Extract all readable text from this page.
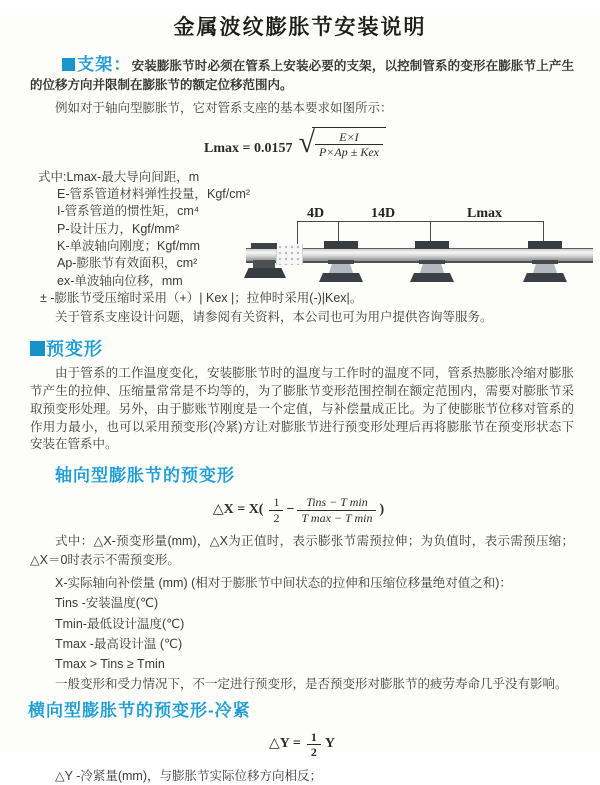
金属波纹膨胀节安装说明

支架：安装膨胀节时必须在管系上安装必要的支架，以控制管系的变形在膨胀节上产生的位移方向并限制在膨胀节的额定位移范围内。

例如对于轴向型膨胀节，它对管系支座的基本要求如图所示：

Lmax = 0.0157 √ $\frac{E\times I}{\text{P×Ap ± Kex}}$
式中:Lmax-最大导向间距，m
E-管系管道材料弹性投量，Kgf/cm²
I-管系管道的惯性矩，cm⁴
P-设计压力，Kgf/mm²
K-单波轴向刚度；Kgf/mm
Ap-膨胀节有效面积，cm²
ex-单波轴向位移，mm
± -膨胀节受压缩时采用（+）| Kex |；拉伸时采用(-)|Kex|。
关于管系支座设计问题，请参阅有关资料，本公司也可为用户提供咨询等服务。
4D	14D	Lmax
预变形

由于管系的工作温度变化，安装膨胀节时的温度与工作时的温度不同，管系热膨胀冷缩对膨胀节产生的拉伸、压缩量常常是不均等的，为了膨胀节变形范围控制在额定范围内，需要对膨胀节采取预变形处理。另外，由于膨账节刚度是一个定值，与补偿量成正比。为了使膨胀节位移对管系的作用力最小，也可以采用预变形(冷紧)方让对膨胀节进行预变形处理后再将膨胀节在预变形状态下安装在管系中。

轴向型膨胀节的预变形
△X = $X( \frac{1}{2} - \frac{\text{Tins − T min}}{\text{T max − T min}}$ )

式中：△X-预变形量(mm)，△X为正值时，表示膨张节需预拉伸；为负值时，表示需预压缩；△X＝0时表示不需预变形。

X-实际轴向补偿量 (mm) (相对于膨胀节中间状态的拉伸和压缩位移量绝对值之和)：
Tins -安装温度(℃)
Tmin-最低设计温度(℃)
Tmax -最高设计温 (℃)
Tmax > Tins ≥ Tmin
一般变形和受力情况下，不一定进行预变形，是否预变形对膨胀节的疲劳寿命几乎没有影响。
横向型膨胀节的预变形-冷紧
△Y = $\frac{1}{2}$ Y
△Y -冷紧量(mm)，与膨胀节实际位移方向相反；
